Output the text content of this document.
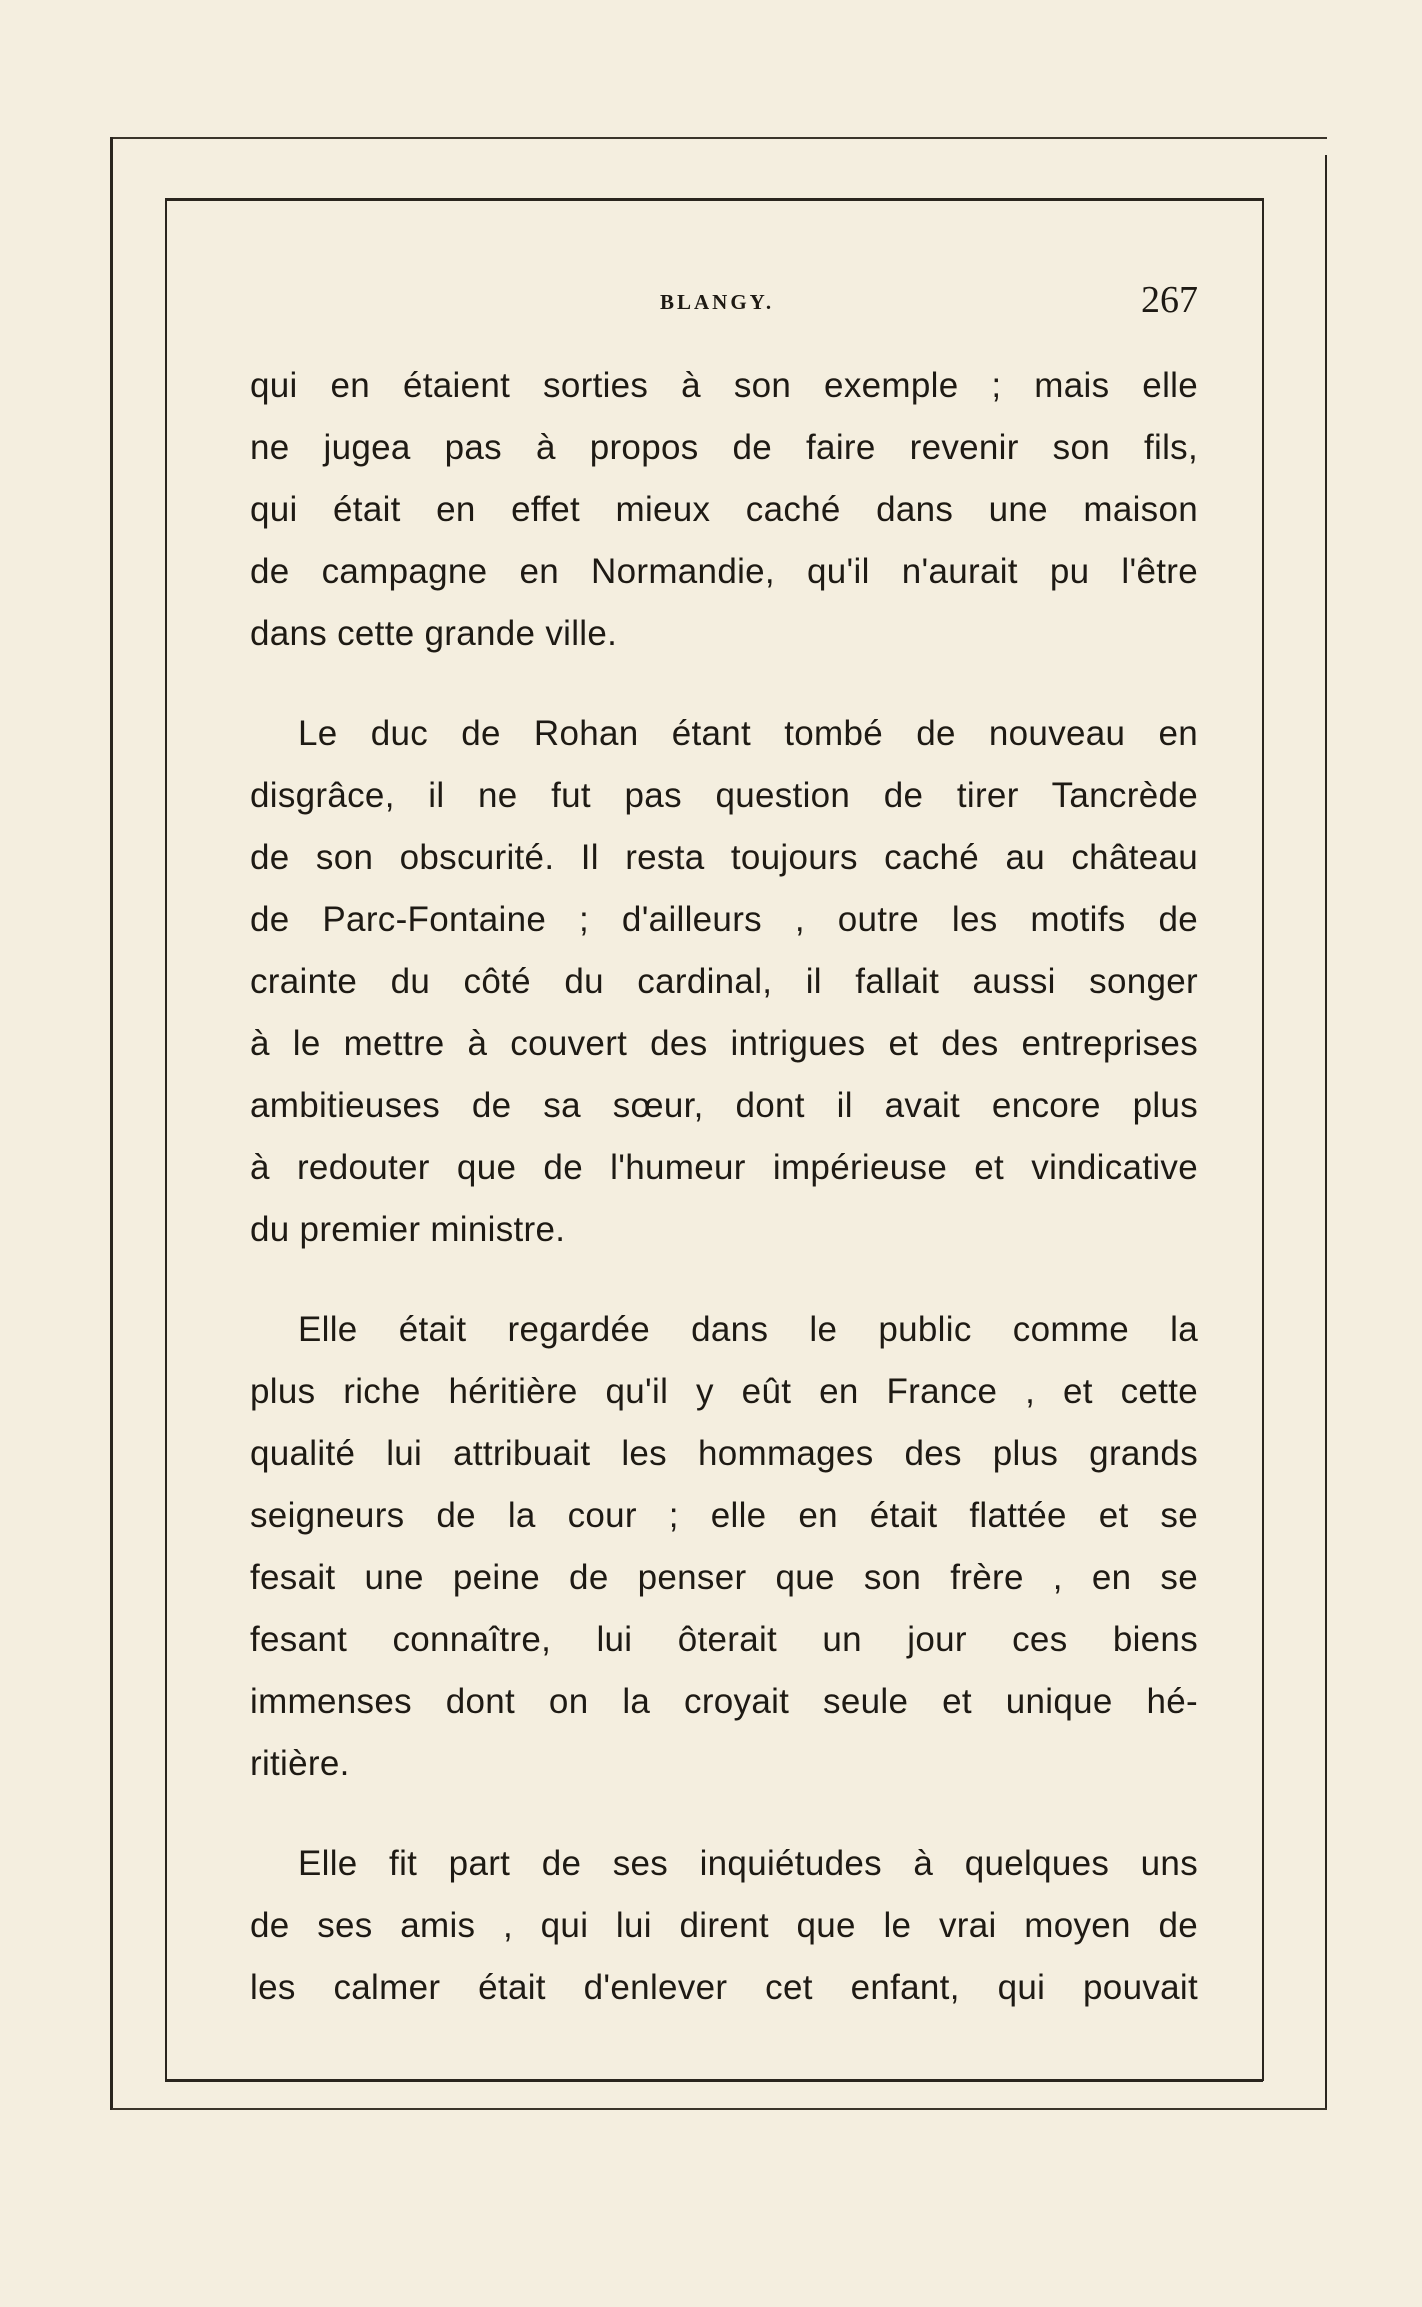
BLANGY.	267
qui en étaient sorties à son exemple ; mais elle
ne jugea pas à propos de faire revenir son fils,
qui était en effet mieux caché dans une maison
de campagne en Normandie, qu'il n'aurait pu l'être
dans cette grande ville.
Le duc de Rohan étant tombé de nouveau en
disgrâce, il ne fut pas question de tirer Tancrède
de son obscurité. Il resta toujours caché au château
de Parc-Fontaine ; d'ailleurs , outre les motifs de
crainte du côté du cardinal, il fallait aussi songer
à le mettre à couvert des intrigues et des entreprises
ambitieuses de sa sœur, dont il avait encore plus
à redouter que de l'humeur impérieuse et vindicative
du premier ministre.
Elle était regardée dans le public comme la
plus riche héritière qu'il y eût en France , et cette
qualité lui attribuait les hommages des plus grands
seigneurs de la cour ; elle en était flattée et se
fesait une peine de penser que son frère , en se
fesant connaître, lui ôterait un jour ces biens
immenses dont on la croyait seule et unique hé-
ritière.
Elle fit part de ses inquiétudes à quelques uns
de ses amis , qui lui dirent que le vrai moyen de
les calmer était d'enlever cet enfant, qui pouvait
